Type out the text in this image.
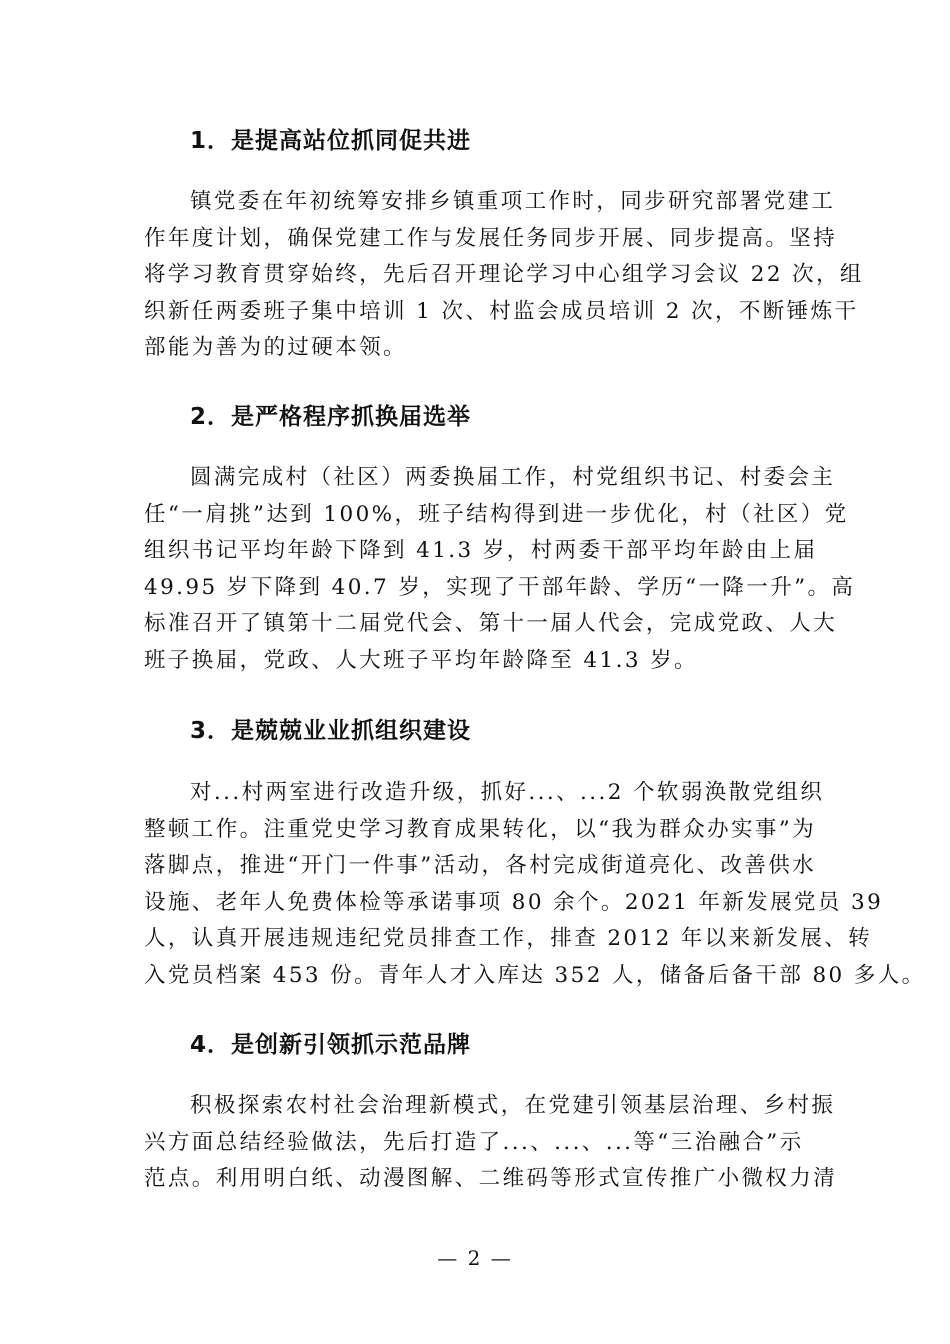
1．是提高站位抓同促共进
镇党委在年初统筹安排乡镇重项工作时，同步研究部署党建工
作年度计划，确保党建工作与发展任务同步开展、同步提高。坚持
将学习教育贯穿始终，先后召开理论学习中心组学习会议 22 次，组
织新任两委班子集中培训 1 次、村监会成员培训 2 次，不断锤炼干
部能为善为的过硬本领。
2．是严格程序抓换届选举
圆满完成村（社区）两委换届工作，村党组织书记、村委会主
任“一肩挑”达到 100%，班子结构得到进一步优化，村（社区）党
组织书记平均年龄下降到 41.3 岁，村两委干部平均年龄由上届
49.95 岁下降到 40.7 岁，实现了干部年龄、学历“一降一升”。高
标准召开了镇第十二届党代会、第十一届人代会，完成党政、人大
班子换届，党政、人大班子平均年龄降至 41.3 岁。
3．是兢兢业业抓组织建设
对...村两室进行改造升级，抓好...、...2 个软弱涣散党组织
整顿工作。注重党史学习教育成果转化，以“我为群众办实事”为
落脚点，推进“开门一件事”活动，各村完成街道亮化、改善供水
设施、老年人免费体检等承诺事项 80 余个。2021 年新发展党员 39
人，认真开展违规违纪党员排查工作，排查 2012 年以来新发展、转
入党员档案 453 份。青年人才入库达 352 人，储备后备干部 80 多人。
4．是创新引领抓示范品牌
积极探索农村社会治理新模式，在党建引领基层治理、乡村振
兴方面总结经验做法，先后打造了...、...、...等“三治融合”示
范点。利用明白纸、动漫图解、二维码等形式宣传推广小微权力清
— 2 —
